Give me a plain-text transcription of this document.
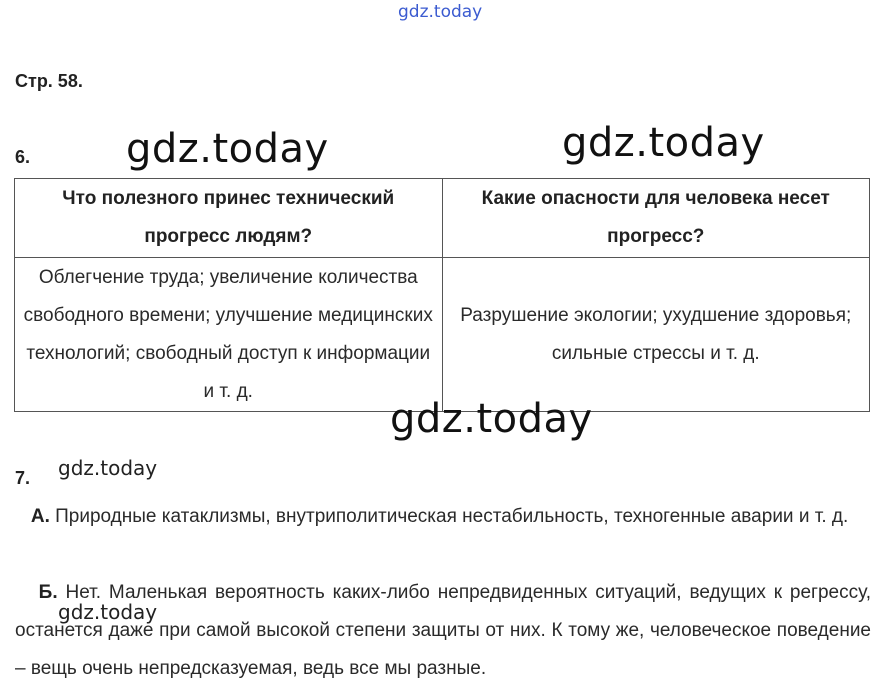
gdz.today
Стр. 58.
6.
Что полезного принес технический прогресс людям?	Какие опасности для человека несет прогресс?
Облегчение труда; увеличение количества свободного времени; улучшение медицинских технологий; свободный доступ к информации и т. д.	Разрушение экологии; ухудшение здоровья; сильные стрессы и т. д.
7.
А. Природные катаклизмы, внутриполитическая нестабильность, техногенные аварии и т. д.
Б. Нет. Маленькая вероятность каких-либо непредвиденных ситуаций, ведущих к регрессу, останется даже при самой высокой степени защиты от них. К тому же, человеческое поведение – вещь очень непредсказуемая, ведь все мы разные.
gdz.today	gdz.today
gdz.today
gdz.today
gdz.today
